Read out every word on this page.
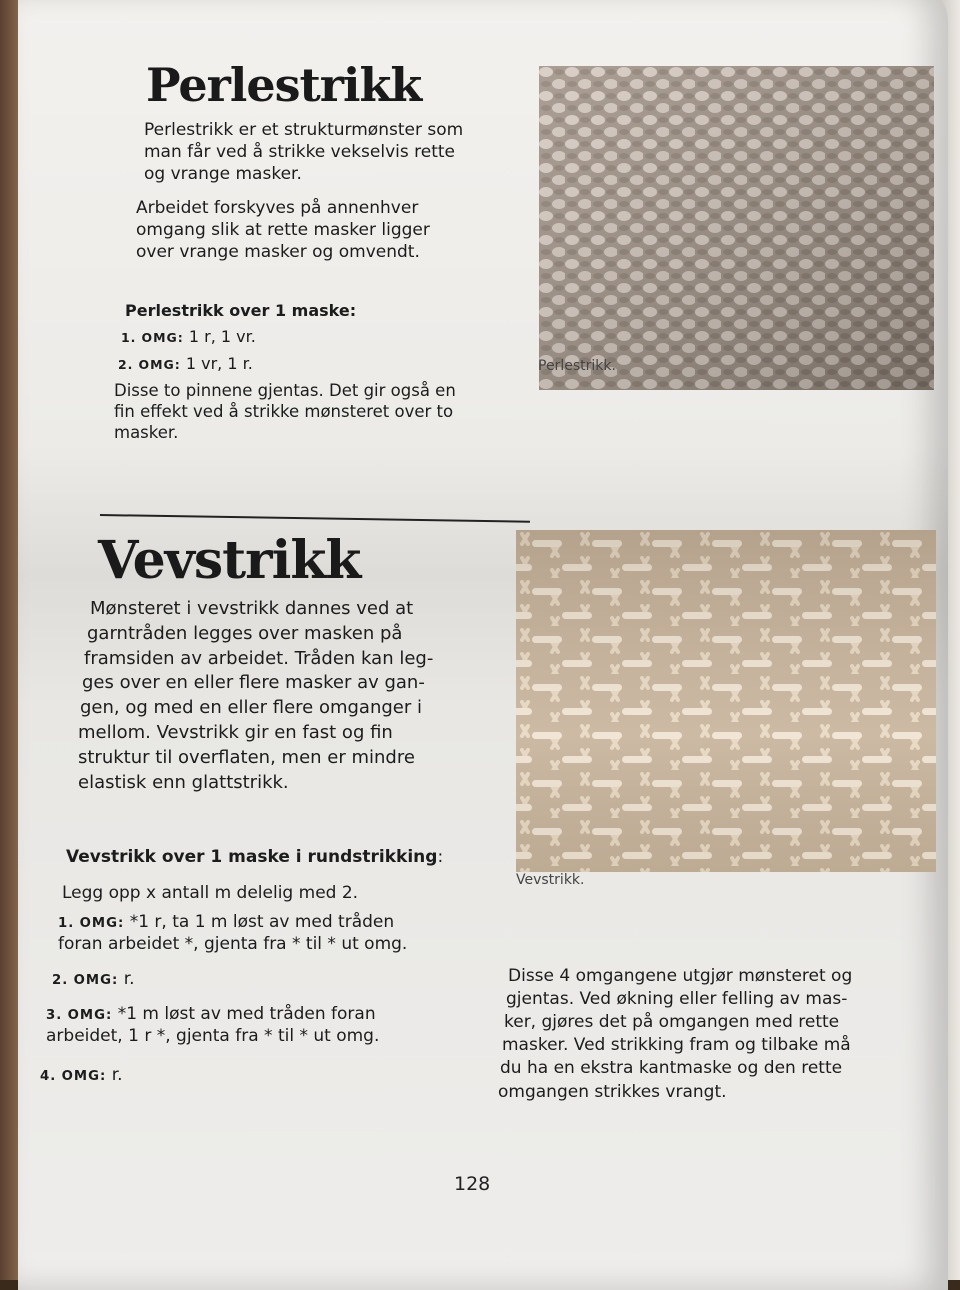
Perlestrikk
Perlestrikk er et strukturmønster som
man får ved å strikke vekselvis rette
og vrange masker.
Arbeidet forskyves på annenhver
omgang slik at rette masker ligger
over vrange masker og omvendt.
Perlestrikk over 1 maske:
1. OMG: 1 r, 1 vr.
2. OMG: 1 vr, 1 r.
Disse to pinnene gjentas. Det gir også en
fin effekt ved å strikke mønsteret over to
masker.
Perlestrikk.
Vevstrikk
Mønsteret i vevstrikk dannes ved at
garntråden legges over masken på
framsiden av arbeidet. Tråden kan leg-
ges over en eller flere masker av gan-
gen, og med en eller flere omganger i
mellom. Vevstrikk gir en fast og fin
struktur til overflaten, men er mindre
elastisk enn glattstrikk.
Vevstrikk over 1 maske i rundstrikking:
Legg opp x antall m delelig med 2.
1. OMG: *1 r, ta 1 m løst av med tråden
foran arbeidet *, gjenta fra * til * ut omg.
2. OMG: r.
3. OMG: *1 m løst av med tråden foran
arbeidet, 1 r *, gjenta fra * til * ut omg.
4. OMG: r.
Disse 4 omgangene utgjør mønsteret og
gjentas. Ved økning eller felling av mas-
ker, gjøres det på omgangen med rette
masker. Ved strikking fram og tilbake må
du ha en ekstra kantmaske og den rette
omgangen strikkes vrangt.
Vevstrikk.
128
